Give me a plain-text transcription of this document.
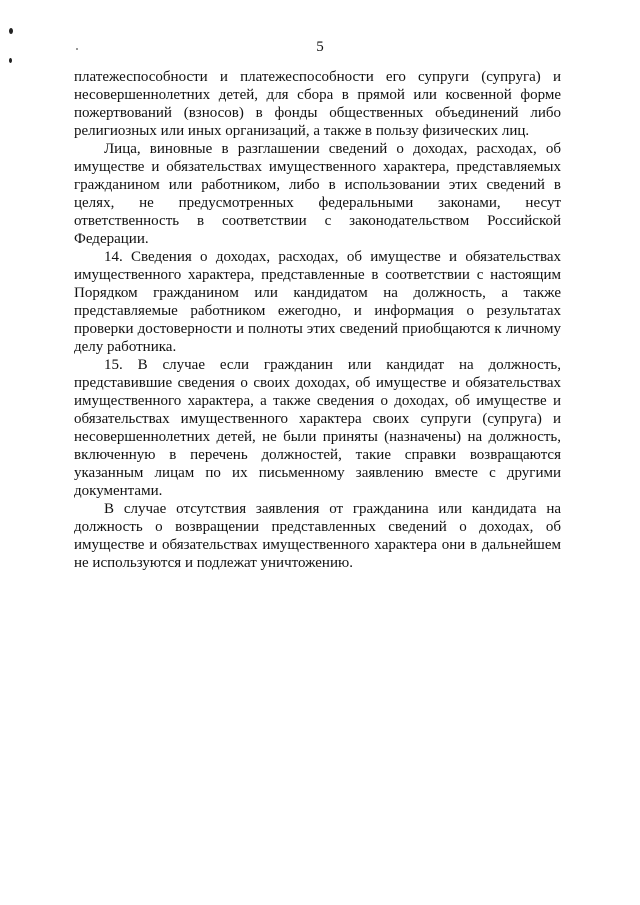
5

платежеспособности и платежеспособности его супруги (супруга) и несовершеннолетних детей, для сбора в прямой или косвенной форме пожертвований (взносов) в фонды общественных объединений либо религиозных или иных организаций, а также в пользу физических лиц.

Лица, виновные в разглашении сведений о доходах, расходах, об имуществе и обязательствах имущественного характера, представляемых гражданином или работником, либо в использовании этих сведений в целях, не предусмотренных федеральными законами, несут ответственность в соответствии с законодательством Российской Федерации.

14. Сведения о доходах, расходах, об имуществе и обязательствах имущественного характера, представленные в соответствии с настоящим Порядком гражданином или кандидатом на должность, а также представляемые работником ежегодно, и информация о результатах проверки достоверности и полноты этих сведений приобщаются к личному делу работника.

15. В случае если гражданин или кандидат на должность, представившие сведения о своих доходах, об имуществе и обязательствах имущественного характера, а также сведения о доходах, об имуществе и обязательствах имущественного характера своих супруги (супруга) и несовершеннолетних детей, не были приняты (назначены) на должность, включенную в перечень должностей, такие справки возвращаются указанным лицам по их письменному заявлению вместе с другими документами.

В случае отсутствия заявления от гражданина или кандидата на должность о возвращении представленных сведений о доходах, об имуществе и обязательствах имущественного характера они в дальнейшем не используются и подлежат уничтожению.
